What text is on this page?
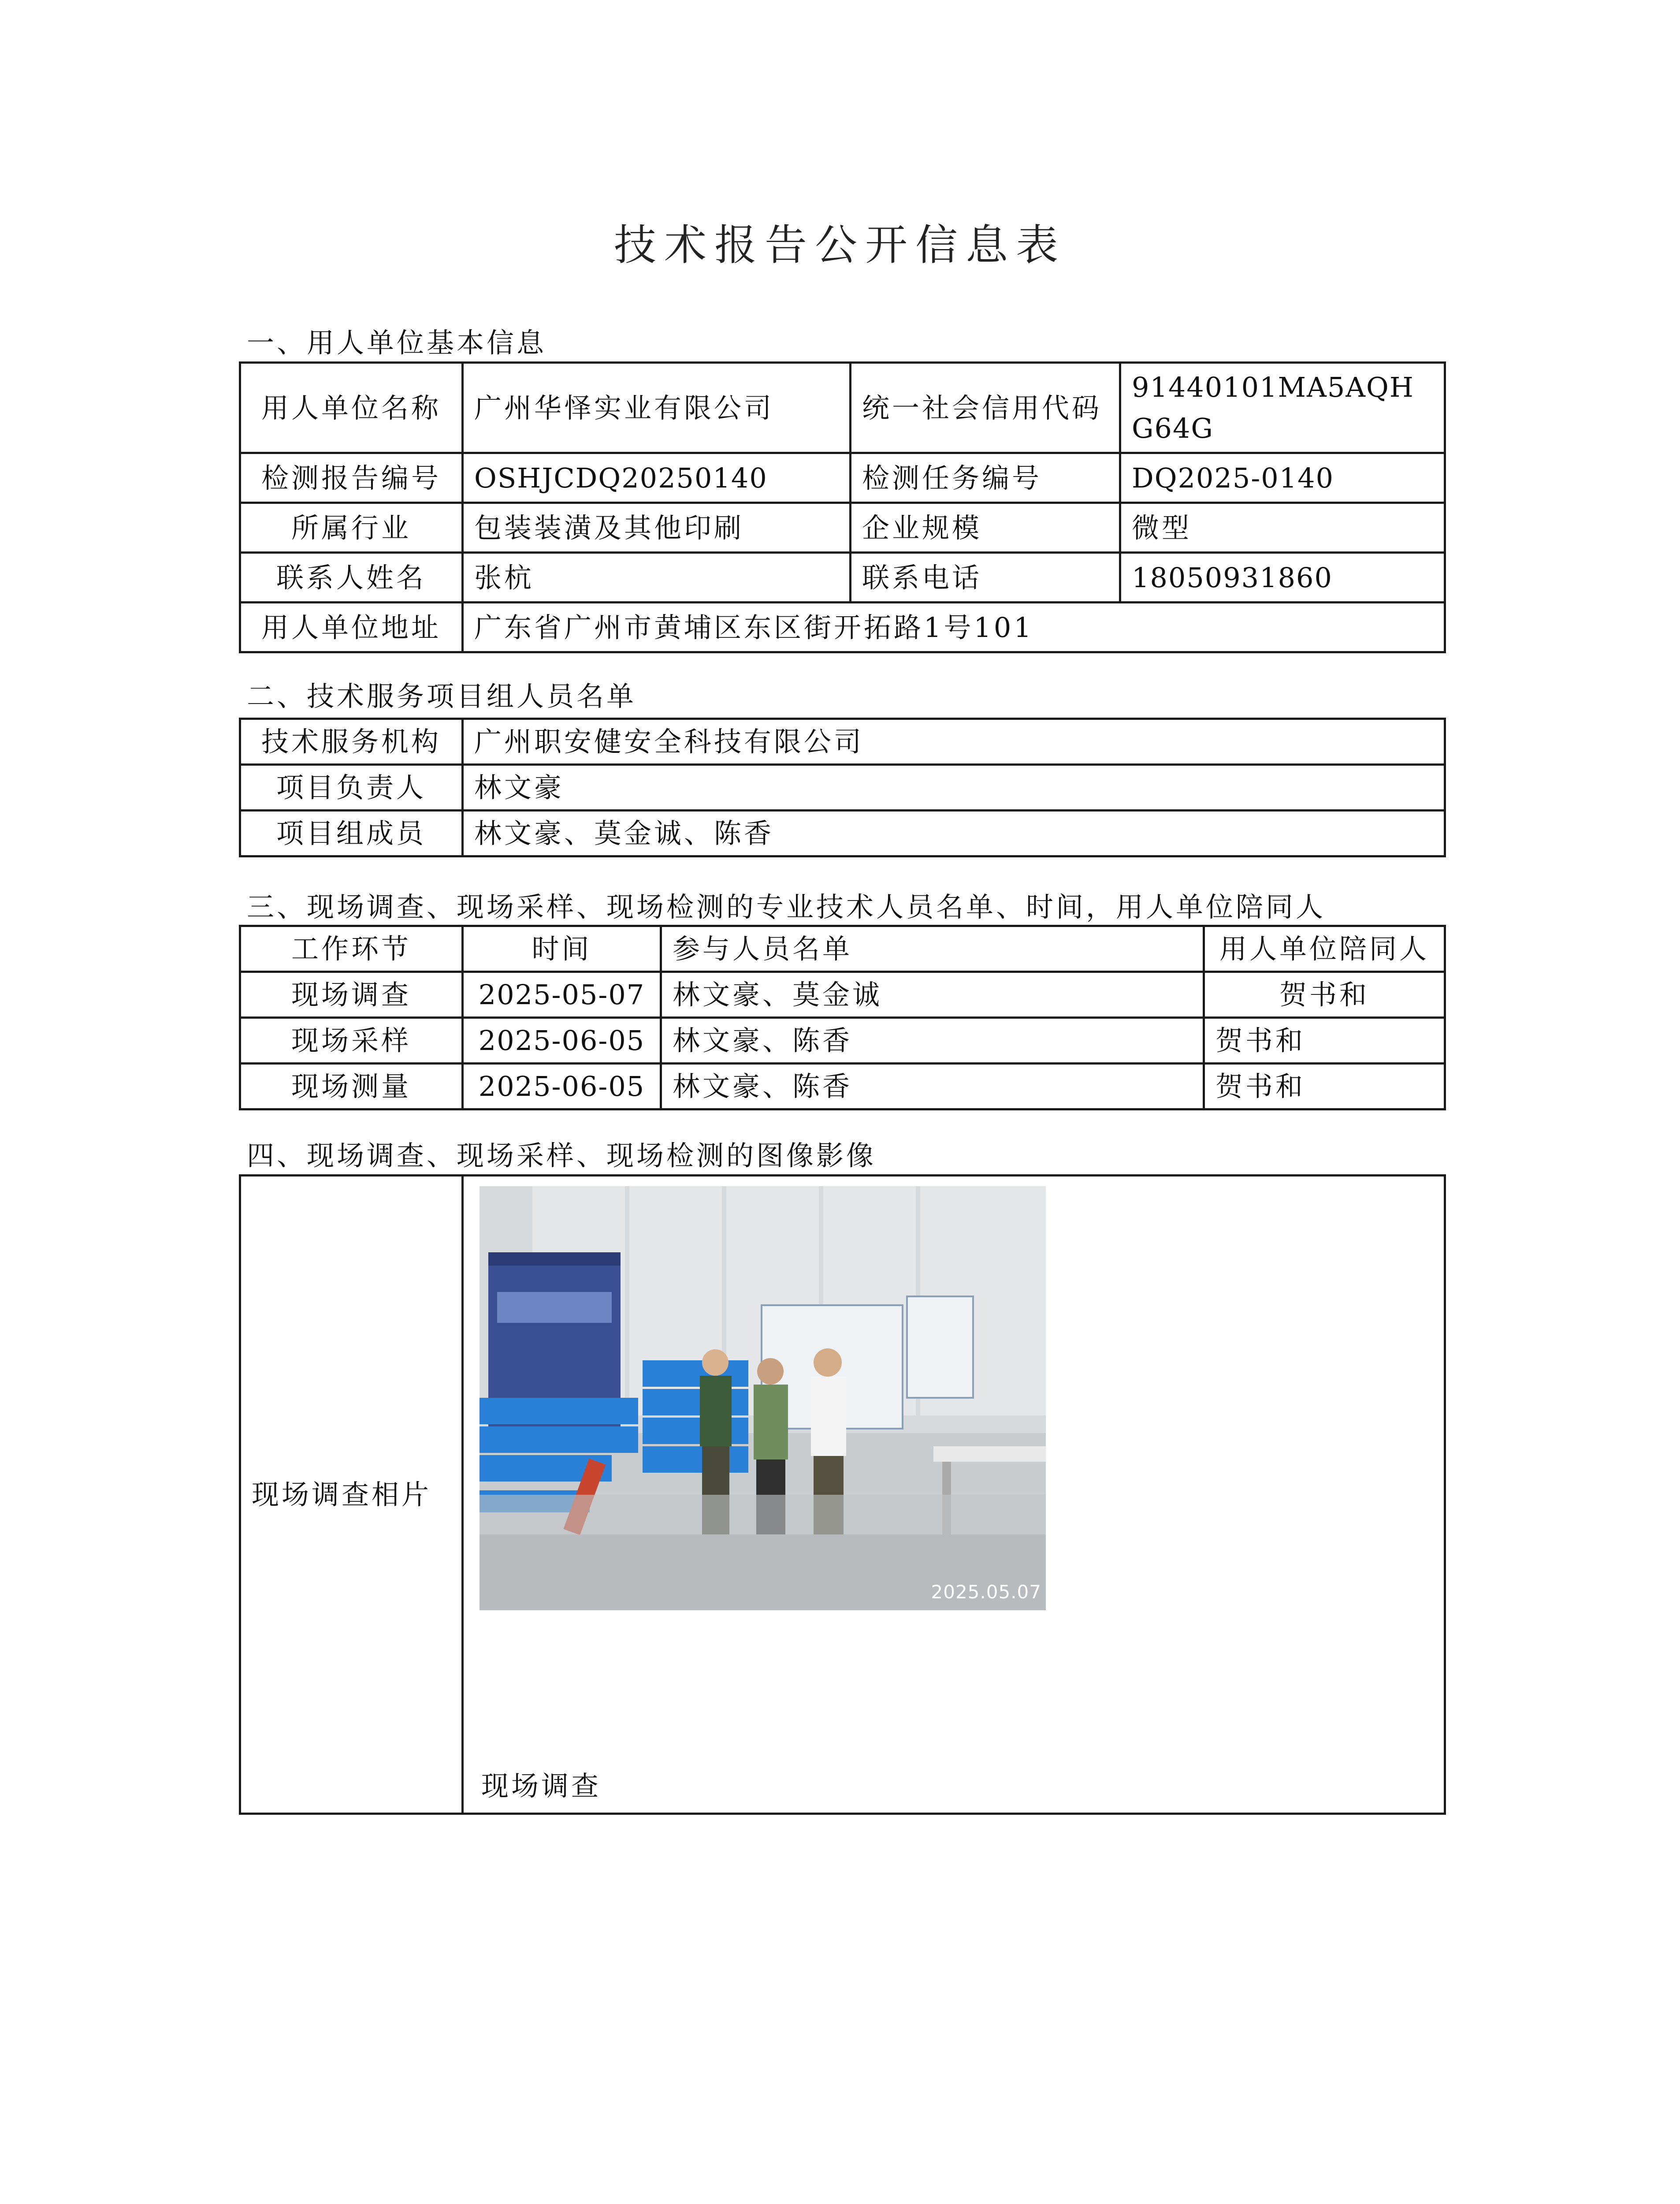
技术报告公开信息表
一、用人单位基本信息
用人单位名称	广州华怿实业有限公司	统一社会信用代码	91440101MA5AQHG64G
检测报告编号	OSHJCDQ20250140	检测任务编号	DQ2025-0140
所属行业	包装装潢及其他印刷	企业规模	微型
联系人姓名	张杭	联系电话	18050931860
用人单位地址	广东省广州市黄埔区东区街开拓路1号101		
二、技术服务项目组人员名单
技术服务机构	广州职安健安全科技有限公司
项目负责人	林文豪
项目组成员	林文豪、莫金诚、陈香
三、现场调查、现场采样、现场检测的专业技术人员名单、时间，用人单位陪同人
工作环节	时间	参与人员名单	用人单位陪同人
现场调查	2025-05-07	林文豪、莫金诚	贺书和
现场采样	2025-06-05	林文豪、陈香	贺书和
现场测量	2025-06-05	林文豪、陈香	贺书和
四、现场调查、现场采样、现场检测的图像影像
现场调查相片	
2025.05.07
现场调查
